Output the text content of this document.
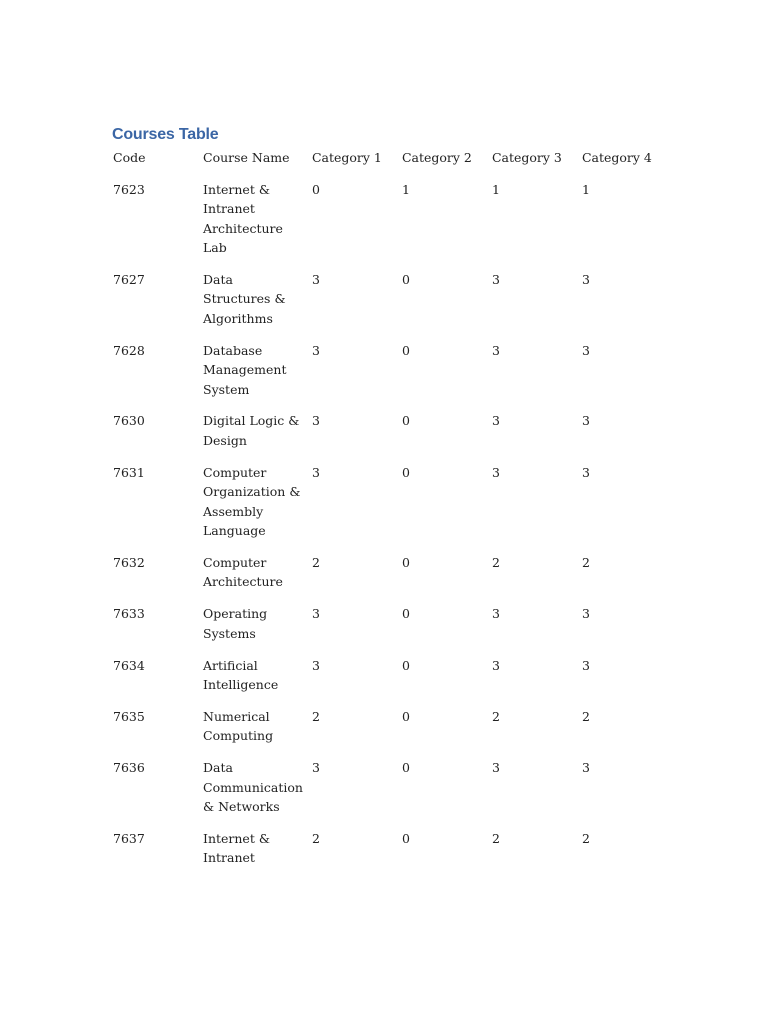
Courses Table
Code	Course Name	Category 1	Category 2	Category 3	Category 4
7623	Internet & Intranet Architecture Lab	0	1	1	1
7627	Data Structures & Algorithms	3	0	3	3
7628	Database Management System	3	0	3	3
7630	Digital Logic & Design	3	0	3	3
7631	Computer Organization & Assembly Language	3	0	3	3
7632	Computer Architecture	2	0	2	2
7633	Operating Systems	3	0	3	3
7634	Artificial Intelligence	3	0	3	3
7635	Numerical Computing	2	0	2	2
7636	Data Communication & Networks	3	0	3	3
7637	Internet & Intranet	2	0	2	2
